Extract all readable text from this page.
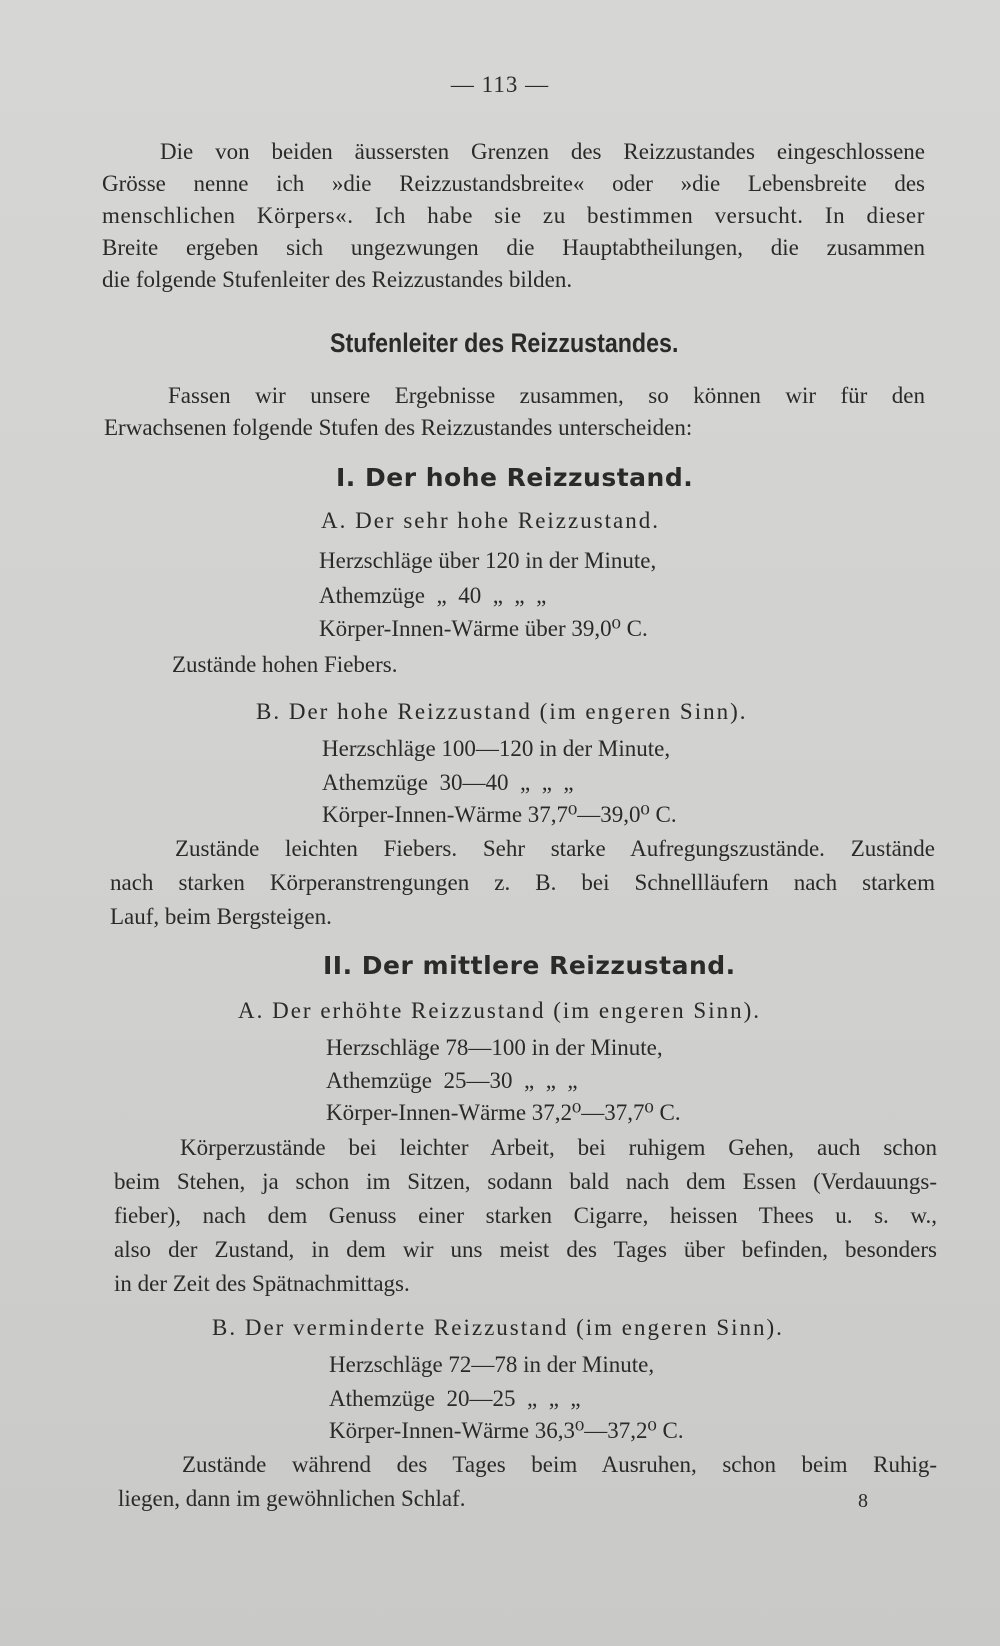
— 113 —
Die von beiden äussersten Grenzen des Reizzustandes eingeschlossene
Grösse nenne ich »die Reizzustandsbreite« oder »die Lebensbreite des
menschlichen Körpers«. Ich habe sie zu bestimmen versucht. In dieser
Breite ergeben sich ungezwungen die Hauptabtheilungen, die zusammen
die folgende Stufenleiter des Reizzustandes bilden.
Stufenleiter des Reizzustandes.
Fassen wir unsere Ergebnisse zusammen, so können wir für den
Erwachsenen folgende Stufen des Reizzustandes unterscheiden:
I. Der hohe Reizzustand.
A. Der sehr hohe Reizzustand.
Herzschläge über 120 in der Minute,
Athemzüge  „  40  „  „  „
Körper-Innen-Wärme über 39,0⁰ C.
Zustände hohen Fiebers.
B. Der hohe Reizzustand (im engeren Sinn).
Herzschläge 100—120 in der Minute,
Athemzüge  30—40  „  „  „
Körper-Innen-Wärme 37,7⁰—39,0⁰ C.
Zustände leichten Fiebers. Sehr starke Aufregungszustände. Zustände
nach starken Körperanstrengungen z. B. bei Schnellläufern nach starkem
Lauf, beim Bergsteigen.
II. Der mittlere Reizzustand.
A. Der erhöhte Reizzustand (im engeren Sinn).
Herzschläge 78—100 in der Minute,
Athemzüge  25—30  „  „  „
Körper-Innen-Wärme 37,2⁰—37,7⁰ C.
Körperzustände bei leichter Arbeit, bei ruhigem Gehen, auch schon
beim Stehen, ja schon im Sitzen, sodann bald nach dem Essen (Verdauungs-
fieber), nach dem Genuss einer starken Cigarre, heissen Thees u. s. w.,
also der Zustand, in dem wir uns meist des Tages über befinden, besonders
in der Zeit des Spätnachmittags.
B. Der verminderte Reizzustand (im engeren Sinn).
Herzschläge 72—78 in der Minute,
Athemzüge  20—25  „  „  „
Körper-Innen-Wärme 36,3⁰—37,2⁰ C.
Zustände während des Tages beim Ausruhen, schon beim Ruhig-
liegen, dann im gewöhnlichen Schlaf.	8
